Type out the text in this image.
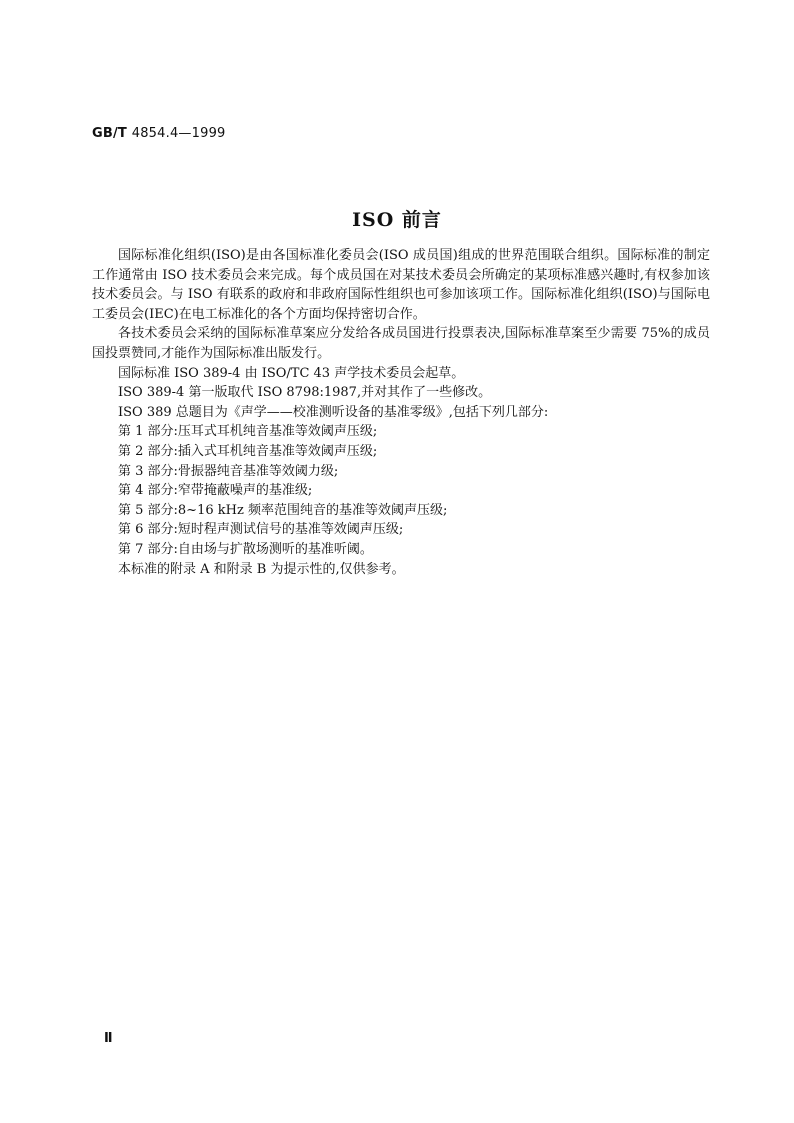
GB/T 4854.4—1999
ISO 前言

国际标准化组织(ISO)是由各国标准化委员会(ISO 成员国)组成的世界范围联合组织。国际标准的制定工作通常由 ISO 技术委员会来完成。每个成员国在对某技术委员会所确定的某项标准感兴趣时,有权参加该技术委员会。与 ISO 有联系的政府和非政府国际性组织也可参加该项工作。国际标准化组织(ISO)与国际电工委员会(IEC)在电工标准化的各个方面均保持密切合作。

各技术委员会采纳的国际标准草案应分发给各成员国进行投票表决,国际标准草案至少需要 75%的成员国投票赞同,才能作为国际标准出版发行。

国际标准 ISO 389-4 由 ISO/TC 43 声学技术委员会起草。

ISO 389-4 第一版取代 ISO 8798:1987,并对其作了一些修改。

ISO 389 总题目为《声学——校准测听设备的基准零级》,包括下列几部分:

第 1 部分:压耳式耳机纯音基准等效阈声压级;

第 2 部分:插入式耳机纯音基准等效阈声压级;

第 3 部分:骨振器纯音基准等效阈力级;

第 4 部分:窄带掩蔽噪声的基准级;

第 5 部分:8~16 kHz 频率范围纯音的基准等效阈声压级;

第 6 部分:短时程声测试信号的基准等效阈声压级;

第 7 部分:自由场与扩散场测听的基准听阈。

本标准的附录 A 和附录 B 为提示性的,仅供参考。

Ⅱ
